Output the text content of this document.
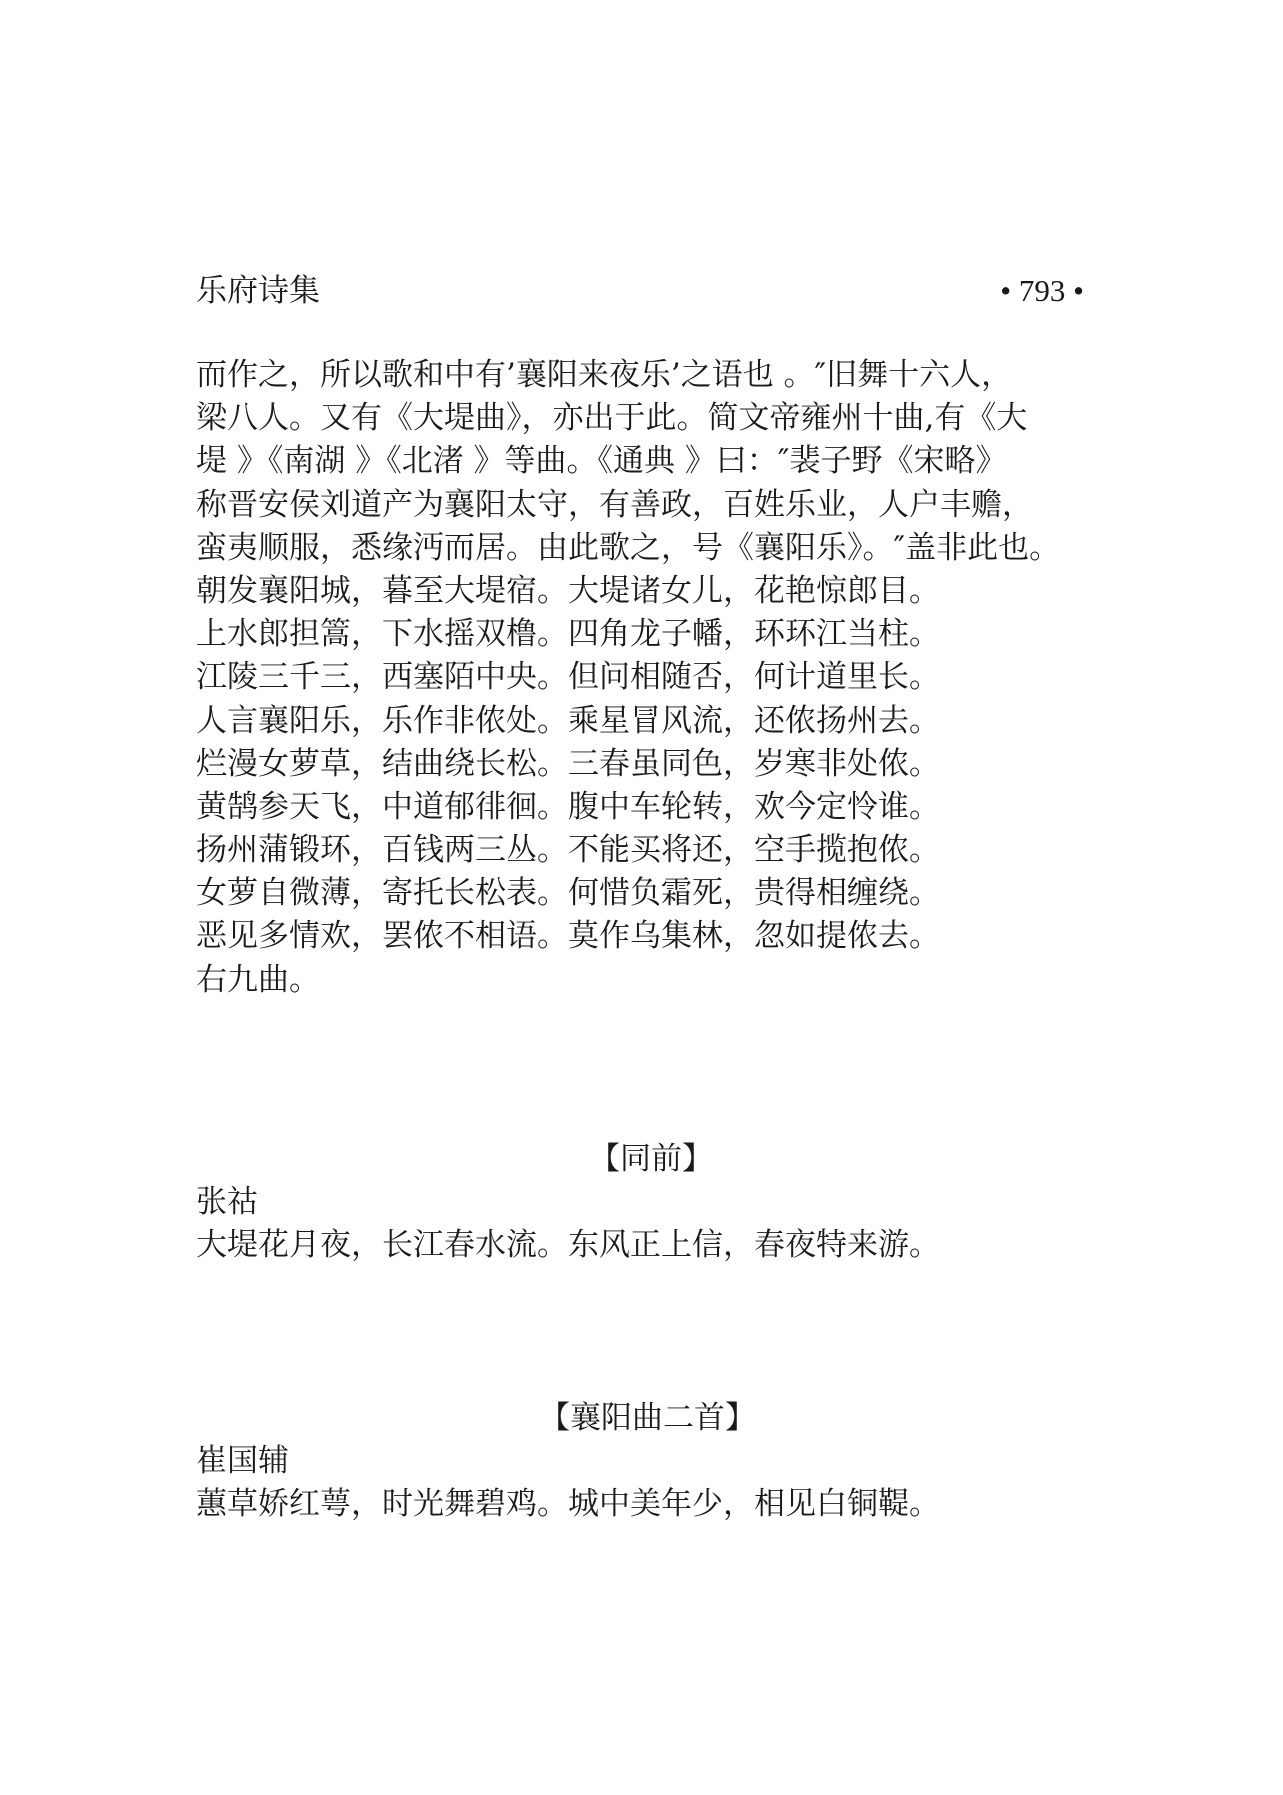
乐府诗集	• 793 •
而作之，所以歌和中有’襄阳来夜乐’之语也 。″旧舞十六人，
梁八人。又有《大堤曲》，亦出于此。简文帝雍州十曲,有《大
堤 》《南湖 》《北渚 》等曲。《通典 》曰：″裴子野《宋略》
称晋安侯刘道产为襄阳太守，有善政，百姓乐业，人户丰赡，
蛮夷顺服，悉缘沔而居。由此歌之，号《襄阳乐》。″盖非此也。
朝发襄阳城，暮至大堤宿。大堤诸女儿，花艳惊郎目。
上水郎担篙，下水摇双橹。四角龙子幡，环环江当柱。
江陵三千三，西塞陌中央。但问相随否，何计道里长。
人言襄阳乐，乐作非侬处。乘星冒风流，还侬扬州去。
烂漫女萝草，结曲绕长松。三春虽同色，岁寒非处侬。
黄鹄参天飞，中道郁徘徊。腹中车轮转，欢今定怜谁。
扬州蒲锻环，百钱两三丛。不能买将还，空手揽抱侬。
女萝自微薄，寄托长松表。何惜负霜死，贵得相缠绕。
恶见多情欢，罢侬不相语。莫作乌集林，忽如提侬去。
右九曲。
【同前】
张祜
大堤花月夜，长江春水流。东风正上信，春夜特来游。
【襄阳曲二首】
崔国辅
蕙草娇红萼，时光舞碧鸡。城中美年少，相见白铜鞮。
